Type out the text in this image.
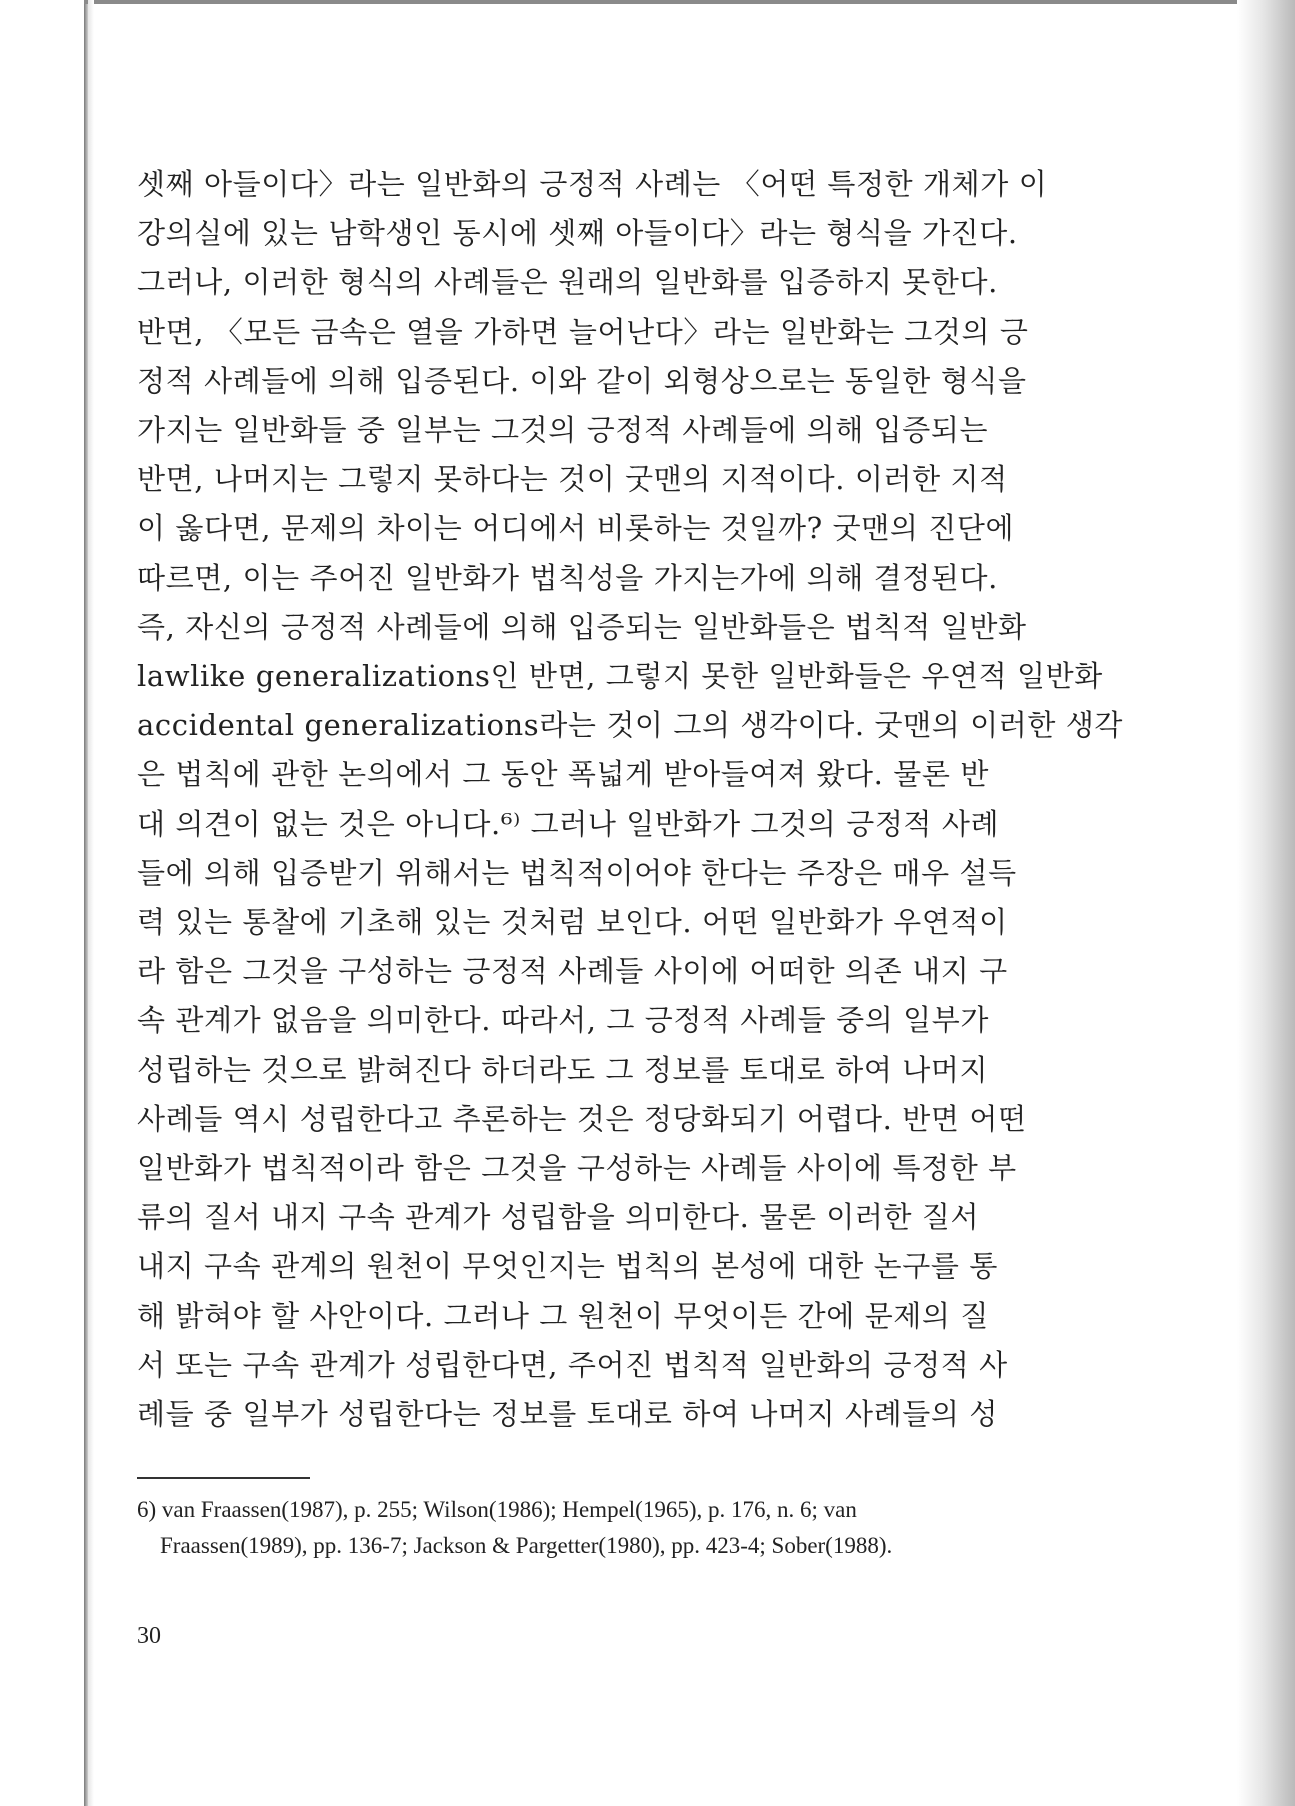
셋째 아들이다〉라는 일반화의 긍정적 사례는 〈어떤 특정한 개체가 이
강의실에 있는 남학생인 동시에 셋째 아들이다〉라는 형식을 가진다.
그러나, 이러한 형식의 사례들은 원래의 일반화를 입증하지 못한다.
반면, 〈모든 금속은 열을 가하면 늘어난다〉라는 일반화는 그것의 긍
정적 사례들에 의해 입증된다. 이와 같이 외형상으로는 동일한 형식을
가지는 일반화들 중 일부는 그것의 긍정적 사례들에 의해 입증되는
반면, 나머지는 그렇지 못하다는 것이 굿맨의 지적이다. 이러한 지적
이 옳다면, 문제의 차이는 어디에서 비롯하는 것일까? 굿맨의 진단에
따르면, 이는 주어진 일반화가 법칙성을 가지는가에 의해 결정된다.
즉, 자신의 긍정적 사례들에 의해 입증되는 일반화들은 법칙적 일반화
lawlike generalizations인 반면, 그렇지 못한 일반화들은 우연적 일반화
accidental generalizations라는 것이 그의 생각이다. 굿맨의 이러한 생각
은 법칙에 관한 논의에서 그 동안 폭넓게 받아들여져 왔다. 물론 반
대 의견이 없는 것은 아니다.⁶⁾ 그러나 일반화가 그것의 긍정적 사례
들에 의해 입증받기 위해서는 법칙적이어야 한다는 주장은 매우 설득
력 있는 통찰에 기초해 있는 것처럼 보인다. 어떤 일반화가 우연적이
라 함은 그것을 구성하는 긍정적 사례들 사이에 어떠한 의존 내지 구
속 관계가 없음을 의미한다. 따라서, 그 긍정적 사례들 중의 일부가
성립하는 것으로 밝혀진다 하더라도 그 정보를 토대로 하여 나머지
사례들 역시 성립한다고 추론하는 것은 정당화되기 어렵다. 반면 어떤
일반화가 법칙적이라 함은 그것을 구성하는 사례들 사이에 특정한 부
류의 질서 내지 구속 관계가 성립함을 의미한다. 물론 이러한 질서
내지 구속 관계의 원천이 무엇인지는 법칙의 본성에 대한 논구를 통
해 밝혀야 할 사안이다. 그러나 그 원천이 무엇이든 간에 문제의 질
서 또는 구속 관계가 성립한다면, 주어진 법칙적 일반화의 긍정적 사
례들 중 일부가 성립한다는 정보를 토대로 하여 나머지 사례들의 성
6) van Fraassen(1987), p. 255; Wilson(1986); Hempel(1965), p. 176, n. 6; van
Fraassen(1989), pp. 136-7; Jackson & Pargetter(1980), pp. 423-4; Sober(1988).
30
